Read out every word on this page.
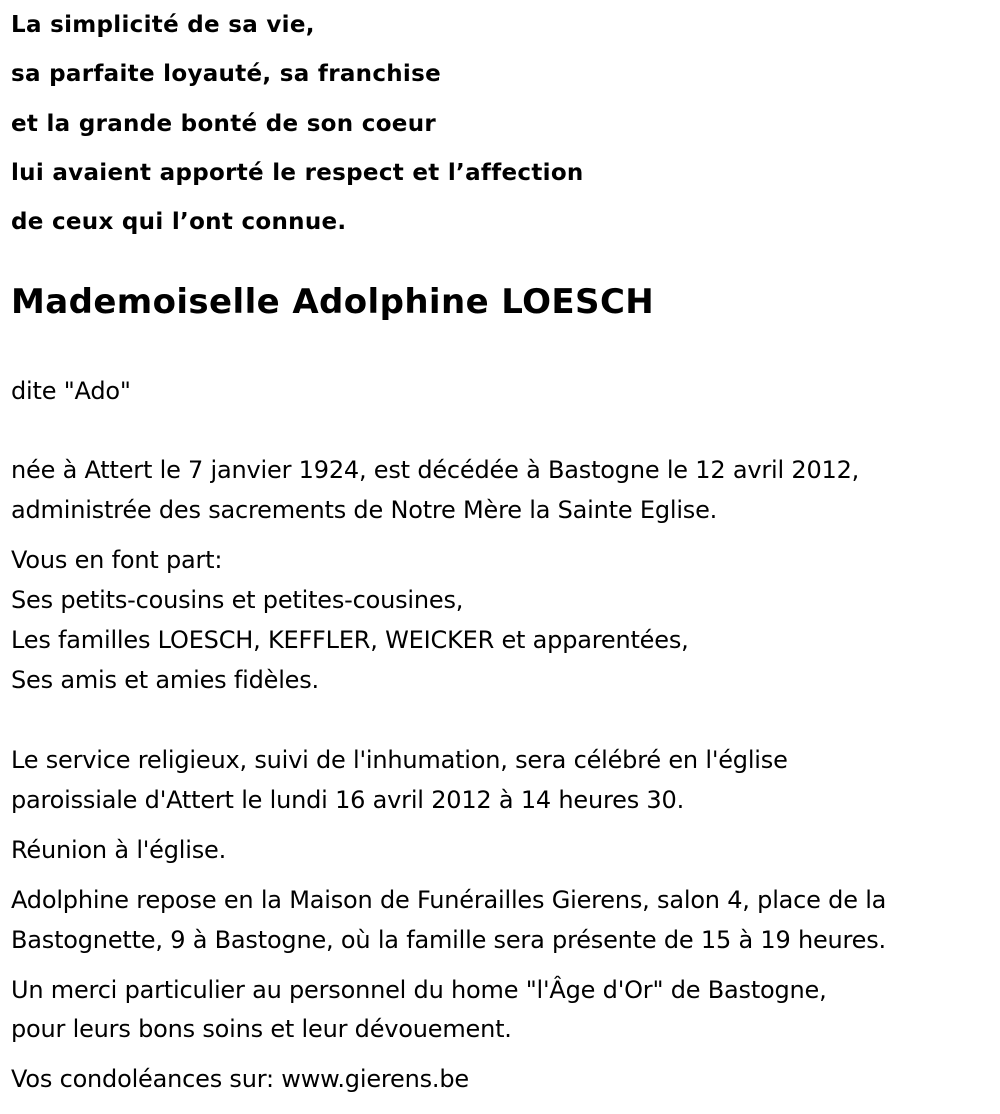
La simplicité de sa vie,
sa parfaite loyauté, sa franchise
et la grande bonté de son coeur
lui avaient apporté le respect et l’affection
de ceux qui l’ont connue.
Mademoiselle Adolphine LOESCH
dite "Ado"
née à Attert le 7 janvier 1924, est décédée à Bastogne le 12 avril 2012,
administrée des sacrements de Notre Mère la Sainte Eglise.
Vous en font part:
Ses petits-cousins et petites-cousines,
Les familles LOESCH, KEFFLER, WEICKER et apparentées,
Ses amis et amies fidèles.
Le service religieux, suivi de l'inhumation, sera célébré en l'église
paroissiale d'Attert le lundi 16 avril 2012 à 14 heures 30.
Réunion à l'église.
Adolphine repose en la Maison de Funérailles Gierens, salon 4, place de la
Bastognette, 9 à Bastogne, où la famille sera présente de 15 à 19 heures.
Un merci particulier au personnel du home "l'Âge d'Or" de Bastogne,
pour leurs bons soins et leur dévouement.
Vos condoléances sur: www.gierens.be
